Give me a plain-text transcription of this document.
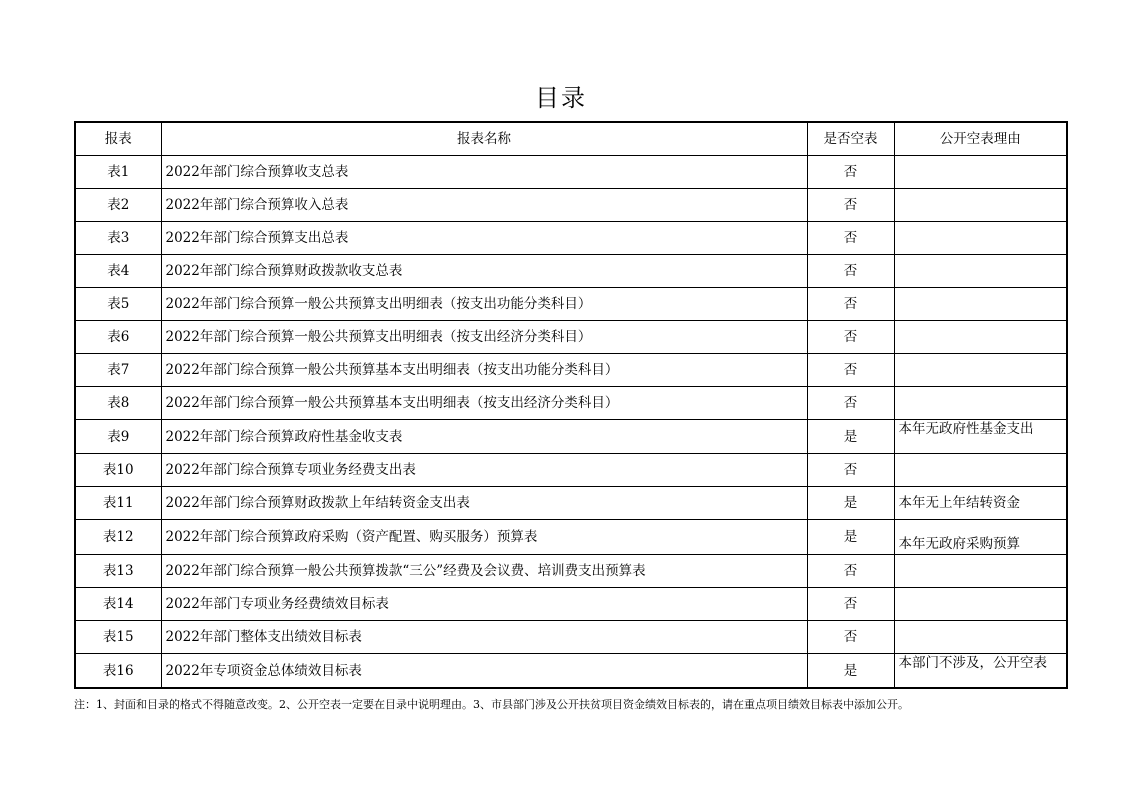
目录
报表	报表名称	是否空表	公开空表理由
表1	2022年部门综合预算收支总表	否	
表2	2022年部门综合预算收入总表	否	
表3	2022年部门综合预算支出总表	否	
表4	2022年部门综合预算财政拨款收支总表	否	
表5	2022年部门综合预算一般公共预算支出明细表（按支出功能分类科目）	否	
表6	2022年部门综合预算一般公共预算支出明细表（按支出经济分类科目）	否	
表7	2022年部门综合预算一般公共预算基本支出明细表（按支出功能分类科目）	否	
表8	2022年部门综合预算一般公共预算基本支出明细表（按支出经济分类科目）	否	
表9	2022年部门综合预算政府性基金收支表	是	本年无政府性基金支出
表10	2022年部门综合预算专项业务经费支出表	否	
表11	2022年部门综合预算财政拨款上年结转资金支出表	是	本年无上年结转资金
表12	2022年部门综合预算政府采购（资产配置、购买服务）预算表	是	本年无政府采购预算
表13	2022年部门综合预算一般公共预算拨款“三公”经费及会议费、培训费支出预算表	否	
表14	2022年部门专项业务经费绩效目标表	否	
表15	2022年部门整体支出绩效目标表	否	
表16	2022年专项资金总体绩效目标表	是	本部门不涉及，公开空表
注：1、封面和目录的格式不得随意改变。2、公开空表一定要在目录中说明理由。3、市县部门涉及公开扶贫项目资金绩效目标表的，请在重点项目绩效目标表中添加公开。
